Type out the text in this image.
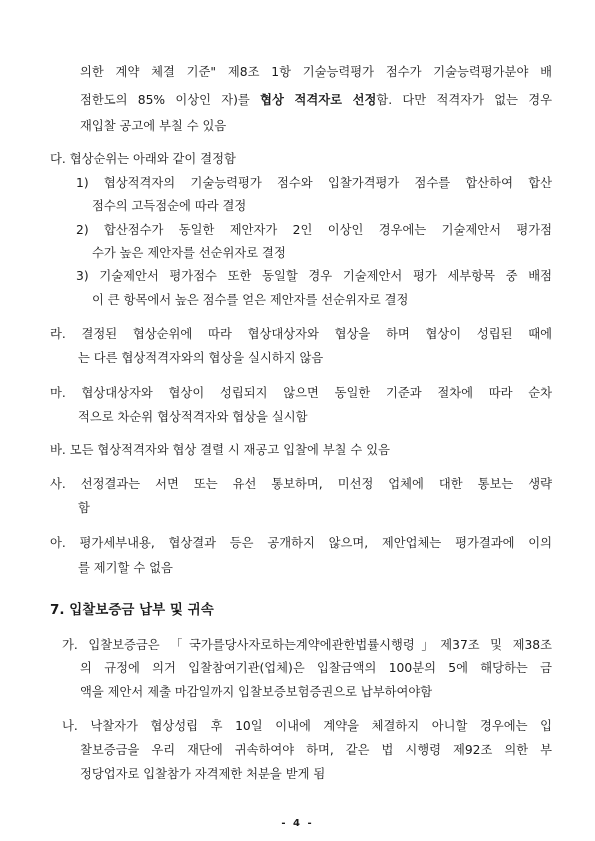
의한 계약 체결 기준" 제8조 1항 기술능력평가 점수가 기술능력평가분야 배
점한도의 85% 이상인 자)를 협상 적격자로 선정함. 다만 적격자가 없는 경우
재입찰 공고에 부칠 수 있음
다. 협상순위는 아래와 같이 결정함
1) 협상적격자의 기술능력평가 점수와 입찰가격평가 점수를 합산하여 합산
점수의 고득점순에 따라 결정
2) 합산점수가 동일한 제안자가 2인 이상인 경우에는 기술제안서 평가점
수가 높은 제안자를 선순위자로 결정
3) 기술제안서 평가점수 또한 동일할 경우 기술제안서 평가 세부항목 중 배점
이 큰 항목에서 높은 점수를 얻은 제안자를 선순위자로 결정
라. 결정된 협상순위에 따라 협상대상자와 협상을 하며 협상이 성립된 때에
는 다른 협상적격자와의 협상을 실시하지 않음
마. 협상대상자와 협상이 성립되지 않으면 동일한 기준과 절차에 따라 순차
적으로 차순위 협상적격자와 협상을 실시함
바. 모든 협상적격자와 협상 결렬 시 재공고 입찰에 부칠 수 있음
사. 선정결과는 서면 또는 유선 통보하며, 미선정 업체에 대한 통보는 생략
함
아. 평가세부내용, 협상결과 등은 공개하지 않으며, 제안업체는 평가결과에 이의
를 제기할 수 없음
7. 입찰보증금 납부 및 귀속
가. 입찰보증금은 「국가를당사자로하는계약에관한법률시행령」제37조 및 제38조
의 규정에 의거 입찰참여기관(업체)은 입찰금액의 100분의 5에 해당하는 금
액을 제안서 제출 마감일까지 입찰보증보험증권으로 납부하여야함
나. 낙찰자가 협상성립 후 10일 이내에 계약을 체결하지 아니할 경우에는 입
찰보증금을 우리 재단에 귀속하여야 하며, 같은 법 시행령 제92조 의한 부
정당업자로 입찰참가 자격제한 처분을 받게 됨
- 4 -
